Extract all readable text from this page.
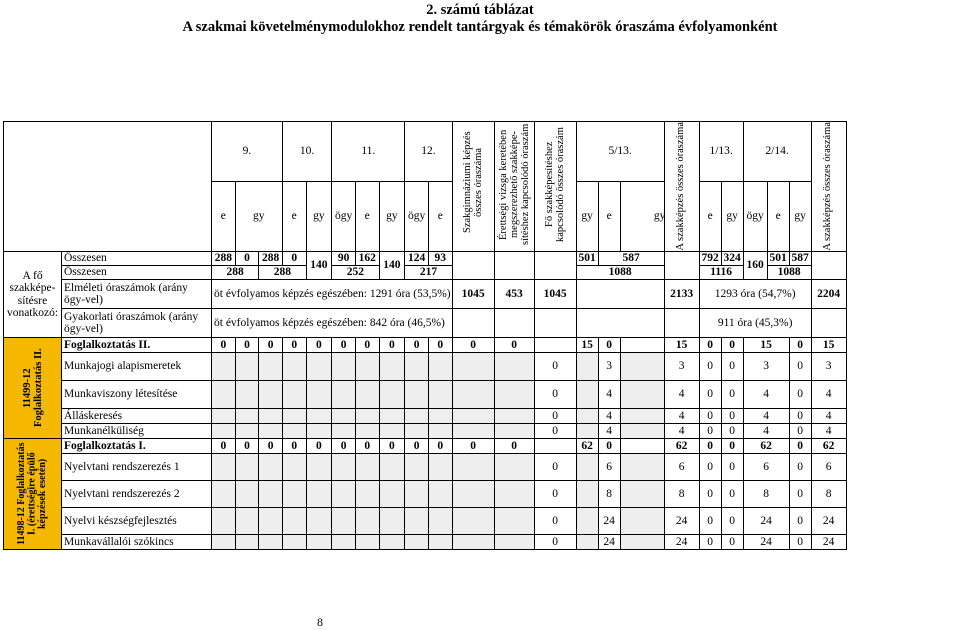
2. számú táblázat
A szakmai követelménymodulokhoz rendelt tantárgyak és témakörök óraszáma évfolyamonként
		9.			10.		11.			12.		Szakgimnáziumi képzés összes óraszáma	Érettségi vizsga keretében megszerezhető szakképe-sítéshez kapcsolódó óraszám	Fő szakképesítéshez kapcsolódó összes óraszám	5/13.			A szakképzés összes óraszáma	1/13.		2/14.			A szakképzés összes óraszáma

		e	gy		e	gy	ögy	e	gy	ögy	e				gy	e	gy		e	gy	ögy	e	gy	
A fő szakképe-sítésre vonatkozó:	Összesen	288	0	288	0	140	90	162	140	124	93				501	587			792	324	160	501	587	
	Összesen	288		288			252			217					1088				1116			1088		
	Elméleti óraszámok (arány ögy-vel)	öt évfolyamos képzés egészében: 1291 óra (53,5%)										1045	453	1045				2133	1293 óra (54,7%)					2204
	Gyakorlati óraszámok (arány ögy-vel)	öt évfolyamos képzés egészében: 842 óra (46,5%)																	911 óra (45,3%)					

11499-12 Foglalkoztatás II.	Foglalkoztatás II.	0	0	0	0	0	0	0	0	0	0	0	0		15	0		15	0	0	15		0	15
	Munkajogi alapismeretek													0		3		3	0	0	3		0	3
	Munkaviszony létesítése													0		4		4	0	0	4		0	4
	Álláskeresés													0		4		4	0	0	4		0	4
	Munkanélküliség													0		4		4	0	0	4		0	4

11498-12 Foglalkoztatás I. (érettségire épülő képzések esetén)	Foglalkoztatás I.	0	0	0	0	0	0	0	0	0	0	0	0		62	0		62	0	0	62		0	62
	Nyelvtani rendszerezés 1													0		6		6	0	0	6		0	6
	Nyelvtani rendszerezés 2													0		8		8	0	0	8		0	8
	Nyelvi készségfejlesztés													0		24		24	0	0	24		0	24
	Munkavállalói szókincs													0		24		24	0	0	24		0	24
8
